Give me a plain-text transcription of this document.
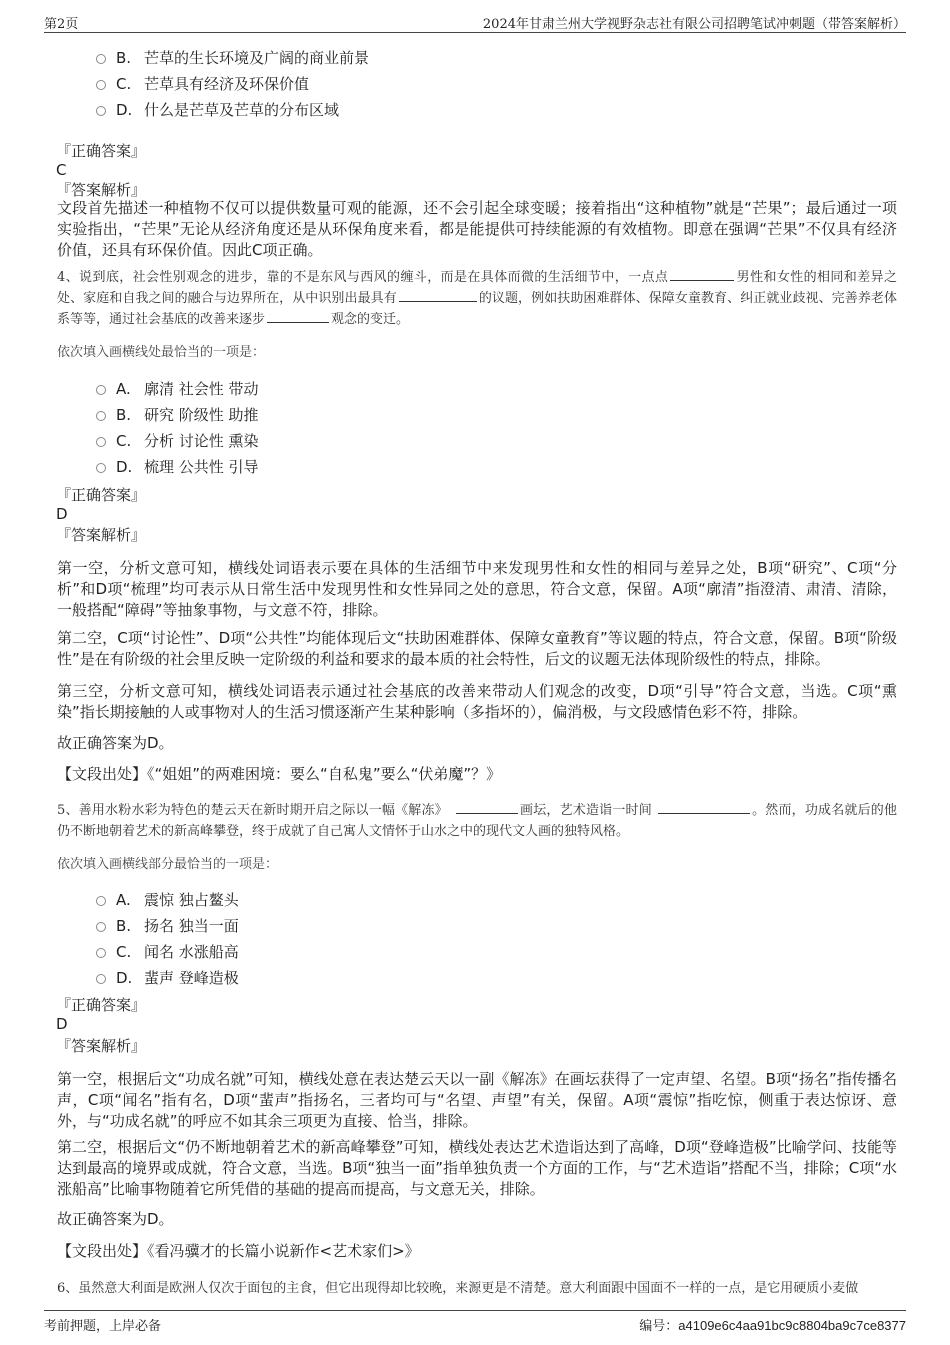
第2页	2024年甘肃兰州大学视野杂志社有限公司招聘笔试冲刺题（带答案解析）
B. 芒草的生长环境及广阔的商业前景
C. 芒草具有经济及环保价值
D. 什么是芒草及芒草的分布区域
『正确答案』
C
『答案解析』
文段首先描述一种植物不仅可以提供数量可观的能源，还不会引起全球变暖；接着指出“这种植物”就是“芒果”；最后通过一项实验指出，“芒果”无论从经济角度还是从环保角度来看，都是能提供可持续能源的有效植物。即意在强调“芒果”不仅具有经济价值，还具有环保价值。因此C项正确。
4、说到底，社会性别观念的进步，靠的不是东风与西风的缠斗，而是在具体而微的生活细节中，一点点	男性和女性的相同和差异之处、家庭和自我之间的融合与边界所在，从中识别出最具有	的议题，例如扶助困难群体、保障女童教育、纠正就业歧视、完善养老体系等等，通过社会基底的改善来逐步	观念的变迁。
依次填入画横线处最恰当的一项是：
A. 廓清 社会性 带动
B. 研究 阶级性 助推
C. 分析 讨论性 熏染
D. 梳理 公共性 引导
『正确答案』
D
『答案解析』
第一空，分析文意可知，横线处词语表示要在具体的生活细节中来发现男性和女性的相同与差异之处，B项“研究”、C项“分析”和D项“梳理”均可表示从日常生活中发现男性和女性异同之处的意思，符合文意，保留。A项“廓清”指澄清、肃清、清除，一般搭配“障碍”等抽象事物，与文意不符，排除。
第二空，C项“讨论性”、D项“公共性”均能体现后文“扶助困难群体、保障女童教育”等议题的特点，符合文意，保留。B项“阶级性”是在有阶级的社会里反映一定阶级的利益和要求的最本质的社会特性，后文的议题无法体现阶级性的特点，排除。
第三空，分析文意可知，横线处词语表示通过社会基底的改善来带动人们观念的改变，D项“引导”符合文意，当选。C项“熏染”指长期接触的人或事物对人的生活习惯逐渐产生某种影响（多指坏的），偏消极，与文段感情色彩不符，排除。
故正确答案为D。
【文段出处】《“姐姐”的两难困境：要么“自私鬼”要么“伏弟魔”？》
5、善用水粉水彩为特色的楚云天在新时期开启之际以一幅《解冻》	画坛，艺术造诣一时间	。然而，功成名就后的他仍不断地朝着艺术的新高峰攀登，终于成就了自己寓人文情怀于山水之中的现代文人画的独特风格。
依次填入画横线部分最恰当的一项是：
A. 震惊 独占鳌头
B. 扬名 独当一面
C. 闻名 水涨船高
D. 蜚声 登峰造极
『正确答案』
D
『答案解析』
第一空，根据后文“功成名就”可知，横线处意在表达楚云天以一副《解冻》在画坛获得了一定声望、名望。B项“扬名”指传播名声，C项“闻名”指有名，D项“蜚声”指扬名，三者均可与“名望、声望”有关，保留。A项“震惊”指吃惊，侧重于表达惊讶、意外，与“功成名就”的呼应不如其余三项更为直接、恰当，排除。
第二空，根据后文“仍不断地朝着艺术的新高峰攀登”可知，横线处表达艺术造诣达到了高峰，D项“登峰造极”比喻学问、技能等达到最高的境界或成就，符合文意，当选。B项“独当一面”指单独负责一个方面的工作，与“艺术造诣”搭配不当，排除；C项“水涨船高”比喻事物随着它所凭借的基础的提高而提高，与文意无关，排除。
故正确答案为D。
【文段出处】《看冯骥才的长篇小说新作<艺术家们>》
6、虽然意大利面是欧洲人仅次于面包的主食，但它出现得却比较晚，来源更是不清楚。意大利面跟中国面不一样的一点，是它用硬质小麦做
考前押题，上岸必备	编号：a4109e6c4aa91bc9c8804ba9c7ce8377
